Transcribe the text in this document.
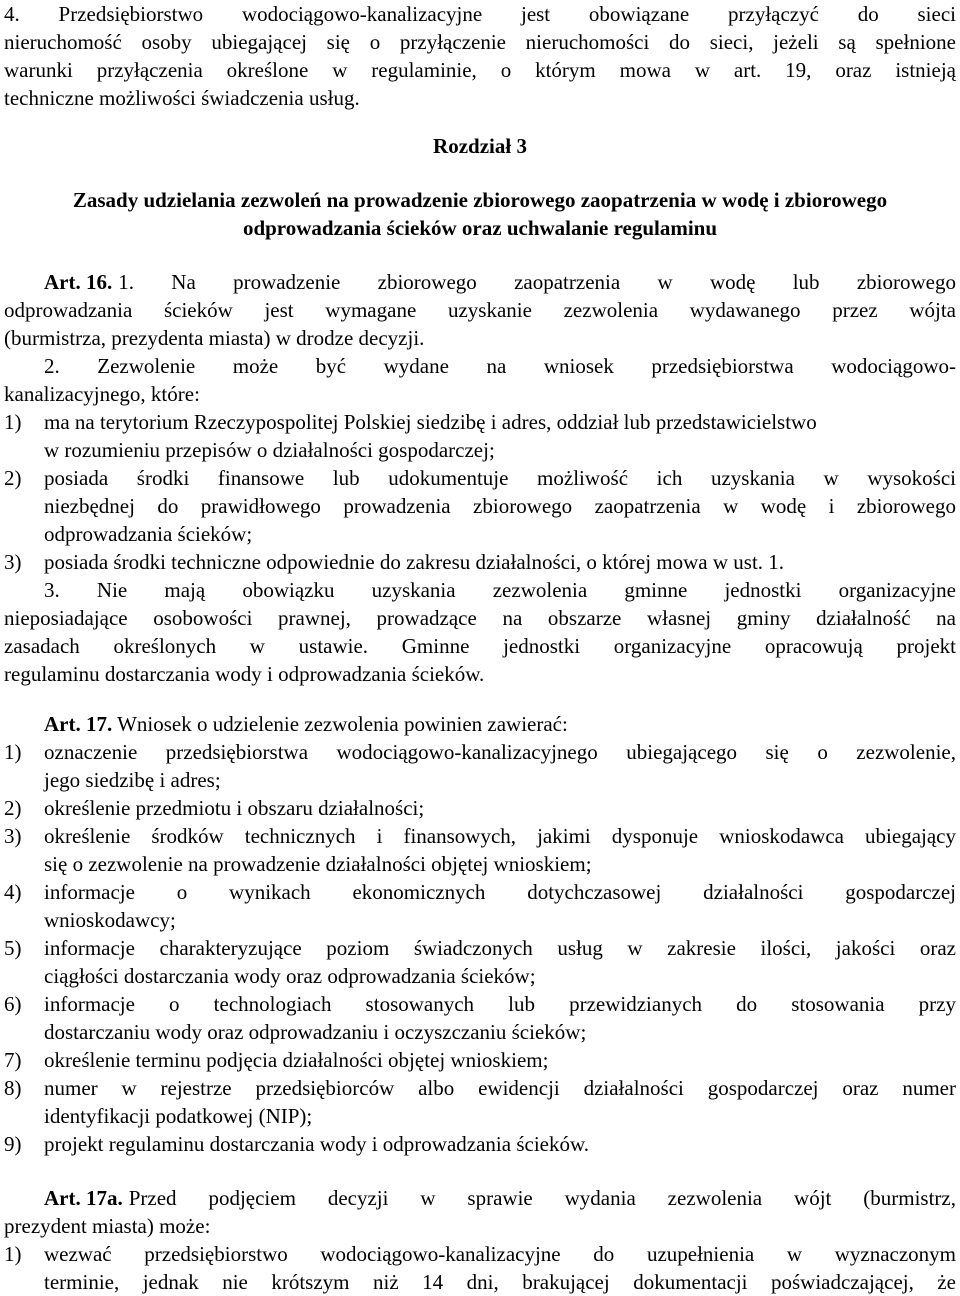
4. Przedsiębiorstwo wodociągowo-kanalizacyjne jest obowiązane przyłączyć do sieci
nieruchomość osoby ubiegającej się o przyłączenie nieruchomości do sieci, jeżeli są spełnione
warunki przyłączenia określone w regulaminie, o którym mowa w art. 19, oraz istnieją
techniczne możliwości świadczenia usług.
Rozdział 3
Zasady udzielania zezwoleń na prowadzenie zbiorowego zaopatrzenia w wodę i zbiorowego
odprowadzania ścieków oraz uchwalanie regulaminu
Art. 16. 1. Na prowadzenie zbiorowego zaopatrzenia w wodę lub zbiorowego
odprowadzania ścieków jest wymagane uzyskanie zezwolenia wydawanego przez wójta
(burmistrza, prezydenta miasta) w drodze decyzji.
2. Zezwolenie może być wydane na wniosek przedsiębiorstwa wodociągowo-
kanalizacyjnego, które:
1) ma na terytorium Rzeczypospolitej Polskiej siedzibę i adres, oddział lub przedstawicielstwo
w rozumieniu przepisów o działalności gospodarczej;
2)	posiada środki finansowe lub udokumentuje możliwość ich uzyskania w wysokości
niezbędnej do prawidłowego prowadzenia zbiorowego zaopatrzenia w wodę i zbiorowego
odprowadzania ścieków;
3) posiada środki techniczne odpowiednie do zakresu działalności, o której mowa w ust. 1.
3. Nie mają obowiązku uzyskania zezwolenia gminne jednostki organizacyjne
nieposiadające osobowości prawnej, prowadzące na obszarze własnej gminy działalność na
zasadach określonych w ustawie. Gminne jednostki organizacyjne opracowują projekt
regulaminu dostarczania wody i odprowadzania ścieków.
Art. 17. Wniosek o udzielenie zezwolenia powinien zawierać:
1)	oznaczenie przedsiębiorstwa wodociągowo-kanalizacyjnego ubiegającego się o zezwolenie,
jego siedzibę i adres;
2)	określenie przedmiotu i obszaru działalności;
3)	określenie środków technicznych i finansowych, jakimi dysponuje wnioskodawca ubiegający
się o zezwolenie na prowadzenie działalności objętej wnioskiem;
4)	informacje o wynikach ekonomicznych dotychczasowej działalności gospodarczej
wnioskodawcy;
5)	informacje charakteryzujące poziom świadczonych usług w zakresie ilości, jakości oraz
ciągłości dostarczania wody oraz odprowadzania ścieków;
6)	informacje o technologiach stosowanych lub przewidzianych do stosowania przy
dostarczaniu wody oraz odprowadzaniu i oczyszczaniu ścieków;
7)	określenie terminu podjęcia działalności objętej wnioskiem;
8)	numer w rejestrze przedsiębiorców albo ewidencji działalności gospodarczej oraz numer
identyfikacji podatkowej (NIP);
9)	projekt regulaminu dostarczania wody i odprowadzania ścieków.
Art. 17a. Przed podjęciem decyzji w sprawie wydania zezwolenia wójt (burmistrz,
prezydent miasta) może:
1)	wezwać przedsiębiorstwo wodociągowo-kanalizacyjne do uzupełnienia w wyznaczonym
terminie, jednak nie krótszym niż 14 dni, brakującej dokumentacji poświadczającej, że
